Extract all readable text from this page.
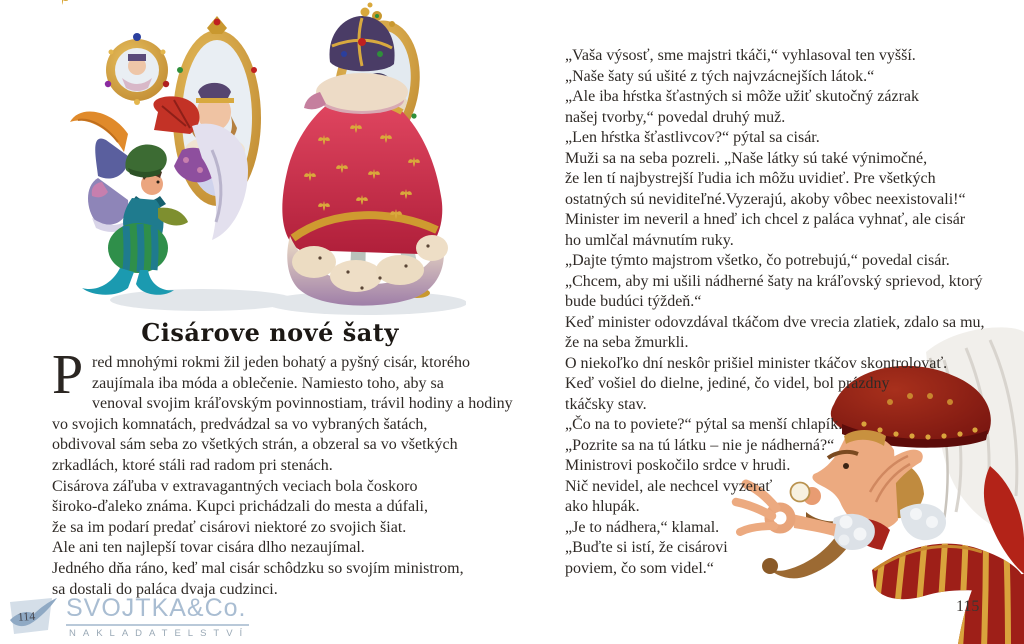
Cisárove nové šaty
P red mnohými rokmi žil jeden bohatý a pyšný cisár, ktorého
zaujímala iba móda a oblečenie. Namiesto toho, aby sa
venoval svojim kráľovským povinnostiam, trávil hodiny a hodiny
vo svojich komnatách, predvádzal sa vo vybraných šatách,
obdivoval sám seba zo všetkých strán, a obzeral sa vo všetkých
zrkadlách, ktoré stáli rad radom pri stenách.
Cisárova záľuba v extravagantných veciach bola čoskoro
široko-ďaleko známa. Kupci prichádzali do mesta a dúfali,
že sa im podarí predať cisárovi niektoré zo svojich šiat.
Ale ani ten najlepší tovar cisára dlho nezaujímal.
Jedného dňa ráno, keď mal cisár schôdzku so svojím ministrom,
sa dostali do paláca dvaja cudzinci.
„Vaša výsosť, sme majstri tkáči,“ vyhlasoval ten vyšší.
„Naše šaty sú ušité z tých najvzácnejších látok.“
„Ale iba hŕstka šťastných si môže užiť skutočný zázrak
našej tvorby,“ povedal druhý muž.
„Len hŕstka šťastlivcov?“ pýtal sa cisár.
Muži sa na seba pozreli. „Naše látky sú také výnimočné,
že len tí najbystrejší ľudia ich môžu uvidieť. Pre všetkých
ostatných sú neviditeľné.Vyzerajú, akoby vôbec neexistovali!“
Minister im neveril a hneď ich chcel z paláca vyhnať, ale cisár
ho umlčal mávnutím ruky.
„Dajte týmto majstrom všetko, čo potrebujú,“ povedal cisár.
„Chcem, aby mi ušili nádherné šaty na kráľovský sprievod, ktorý
bude budúci týždeň.“
Keď minister odovzdával tkáčom dve vrecia zlatiek, zdalo sa mu,
že na seba žmurkli.
O niekoľko dní neskôr prišiel minister tkáčov skontrolovať.
Keď vošiel do dielne, jediné, čo videl, bol prázdny
tkáčsky stav.
„Čo na to poviete?“ pýtal sa menší chlapík.
„Pozrite sa na tú látku – nie je nádherná?“
Ministrovi poskočilo srdce v hrudi.
Nič nevidel, ale nechcel vyzerať
ako hlupák.
„Je to nádhera,“ klamal.
„Buďte si istí, že cisárovi
poviem, čo som videl.“
114 SVOJTKA&Co.
NAKLADATELSTVÍ
115
